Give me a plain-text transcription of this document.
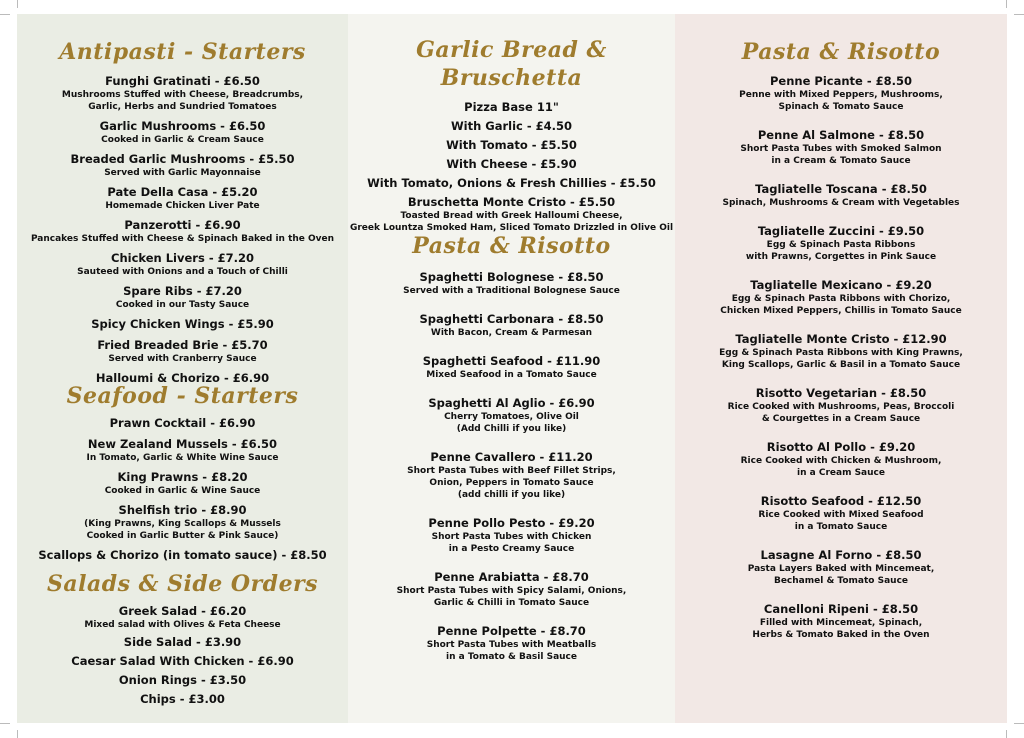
Antipasti - Starters
Funghi Gratinati - £6.50
Mushrooms Stuffed with Cheese, Breadcrumbs,
Garlic, Herbs and Sundried Tomatoes
Garlic Mushrooms - £6.50
Cooked in Garlic & Cream Sauce
Breaded Garlic Mushrooms - £5.50
Served with Garlic Mayonnaise
Pate Della Casa - £5.20
Homemade Chicken Liver Pate
Panzerotti - £6.90
Pancakes Stuffed with Cheese & Spinach Baked in the Oven
Chicken Livers - £7.20
Sauteed with Onions and a Touch of Chilli
Spare Ribs - £7.20
Cooked in our Tasty Sauce
Spicy Chicken Wings - £5.90
Fried Breaded Brie - £5.70
Served with Cranberry Sauce
Halloumi & Chorizo - £6.90
Seafood - Starters
Prawn Cocktail - £6.90
New Zealand Mussels - £6.50
In Tomato, Garlic & White Wine Sauce
King Prawns - £8.20
Cooked in Garlic & Wine Sauce
Shelfish trio - £8.90
(King Prawns, King Scallops & Mussels
Cooked in Garlic Butter & Pink Sauce)
Scallops & Chorizo (in tomato sauce) - £8.50
Salads & Side Orders
Greek Salad - £6.20
Mixed salad with Olives & Feta Cheese
Side Salad - £3.90
Caesar Salad With Chicken - £6.90
Onion Rings - £3.50
Chips - £3.00
Garlic Bread & Bruschetta
Pizza Base 11"
With Garlic - £4.50
With Tomato - £5.50
With Cheese - £5.90
With Tomato, Onions & Fresh Chillies - £5.50
Bruschetta Monte Cristo - £5.50
Toasted Bread with Greek Halloumi Cheese,
Greek Lountza Smoked Ham, Sliced Tomato Drizzled in Olive Oil
Pasta & Risotto
Spaghetti Bolognese - £8.50
Served with a Traditional Bolognese Sauce
Spaghetti Carbonara - £8.50
With Bacon, Cream & Parmesan
Spaghetti Seafood - £11.90
Mixed Seafood in a Tomato Sauce
Spaghetti Al Aglio - £6.90
Cherry Tomatoes, Olive Oil
(Add Chilli if you like)
Penne Cavallero - £11.20
Short Pasta Tubes with Beef Fillet Strips,
Onion, Peppers in Tomato Sauce
(add chilli if you like)
Penne Pollo Pesto - £9.20
Short Pasta Tubes with Chicken
in a Pesto Creamy Sauce
Penne Arabiatta - £8.70
Short Pasta Tubes with Spicy Salami, Onions,
Garlic & Chilli in Tomato Sauce
Penne Polpette - £8.70
Short Pasta Tubes with Meatballs
in a Tomato & Basil Sauce
Pasta & Risotto
Penne Picante - £8.50
Penne with Mixed Peppers, Mushrooms,
Spinach & Tomato Sauce
Penne Al Salmone - £8.50
Short Pasta Tubes with Smoked Salmon
in a Cream & Tomato Sauce
Tagliatelle Toscana - £8.50
Spinach, Mushrooms & Cream with Vegetables
Tagliatelle Zuccini - £9.50
Egg & Spinach Pasta Ribbons
with Prawns, Corgettes in Pink Sauce
Tagliatelle Mexicano - £9.20
Egg & Spinach Pasta Ribbons with Chorizo,
Chicken Mixed Peppers, Chillis in Tomato Sauce
Tagliatelle Monte Cristo - £12.90
Egg & Spinach Pasta Ribbons with King Prawns,
King Scallops, Garlic & Basil in a Tomato Sauce
Risotto Vegetarian - £8.50
Rice Cooked with Mushrooms, Peas, Broccoli
& Courgettes in a Cream Sauce
Risotto Al Pollo - £9.20
Rice Cooked with Chicken & Mushroom,
in a Cream Sauce
Risotto Seafood - £12.50
Rice Cooked with Mixed Seafood
in a Tomato Sauce
Lasagne Al Forno - £8.50
Pasta Layers Baked with Mincemeat,
Bechamel & Tomato Sauce
Canelloni Ripeni - £8.50
Filled with Mincemeat, Spinach,
Herbs & Tomato Baked in the Oven
